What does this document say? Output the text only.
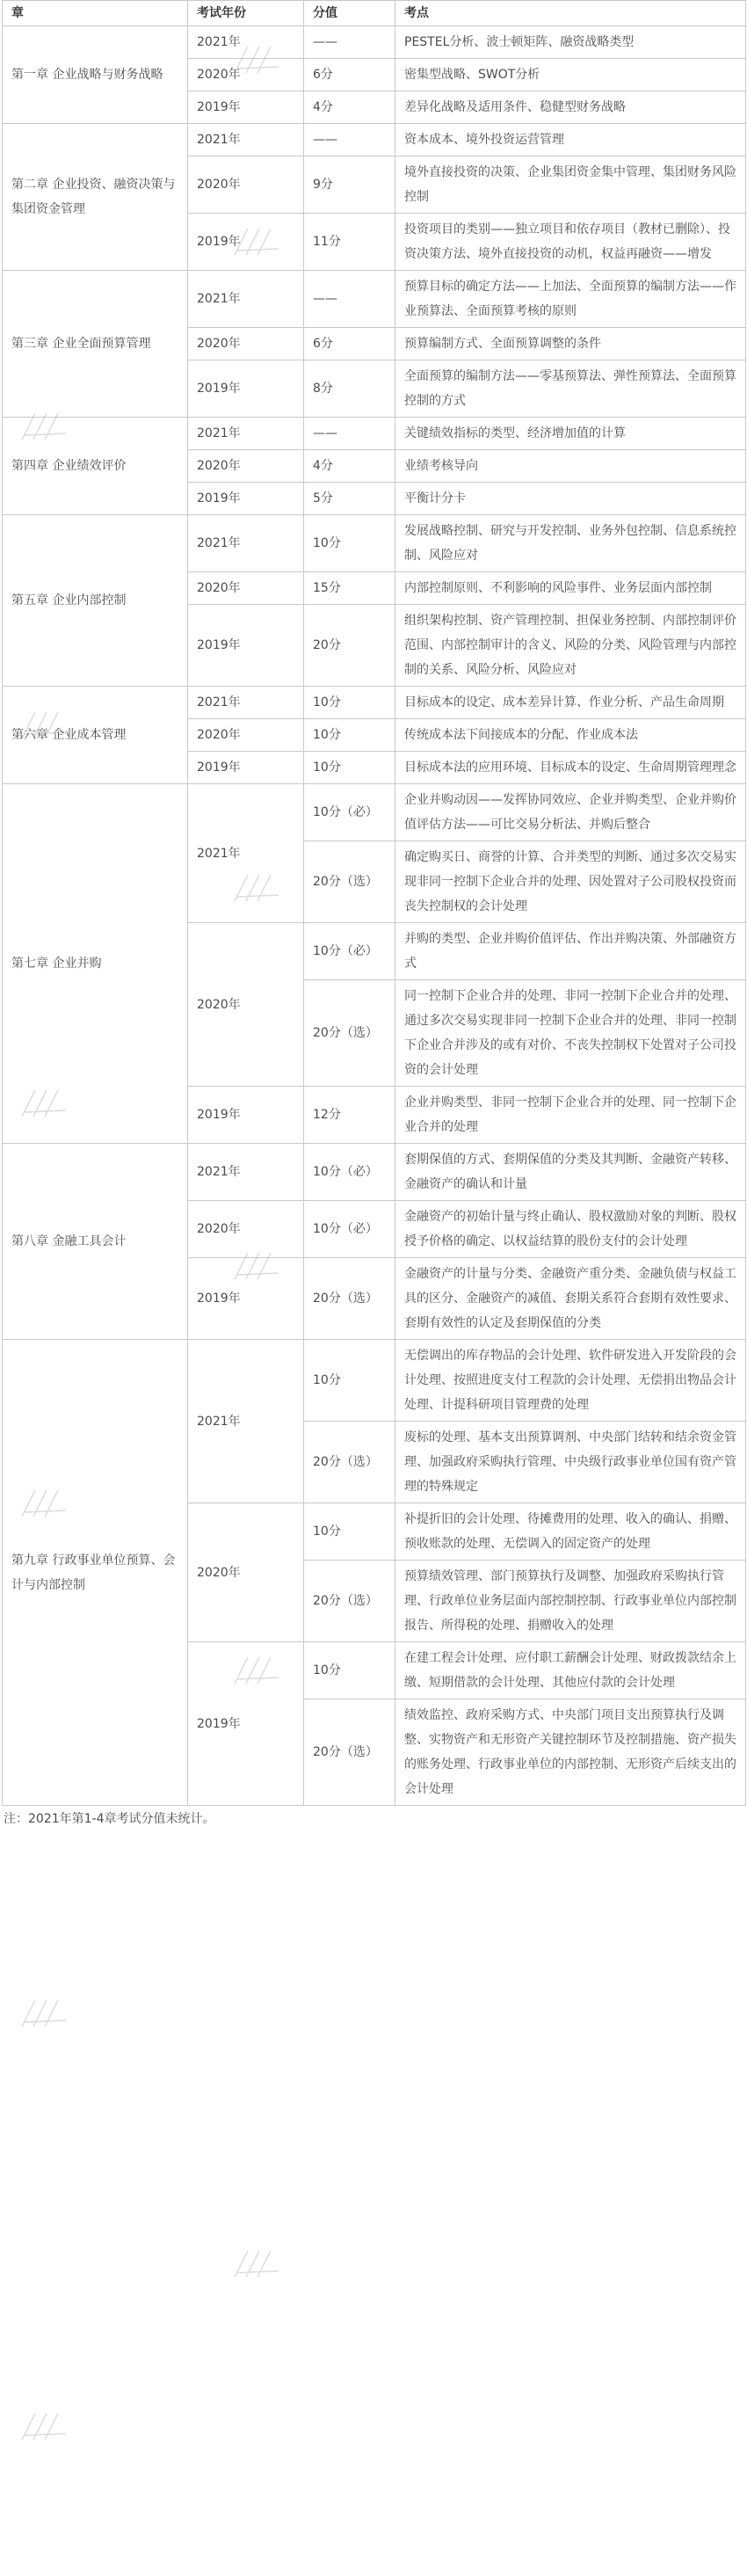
章	考试年份	分值	考点
第一章 企业战略与财务战略	2021年	——	PESTEL分析、波士顿矩阵、融资战略类型
	2020年	6分	密集型战略、SWOT分析
	2019年	4分	差异化战略及适用条件、稳健型财务战略
第二章 企业投资、融资决策与集团资金管理	2021年	——	资本成本、境外投资运营管理
	2020年	9分	境外直接投资的决策、企业集团资金集中管理、集团财务风险控制
	2019年	11分	投资项目的类别——独立项目和依存项目（教材已删除）、投资决策方法、境外直接投资的动机，权益再融资——增发
第三章 企业全面预算管理	2021年	——	预算目标的确定方法——上加法、全面预算的编制方法——作业预算法、全面预算考核的原则
	2020年	6分	预算编制方式、全面预算调整的条件
	2019年	8分	全面预算的编制方法——零基预算法、弹性预算法、全面预算控制的方式
第四章 企业绩效评价	2021年	——	关键绩效指标的类型、经济增加值的计算
	2020年	4分	业绩考核导向
	2019年	5分	平衡计分卡
第五章 企业内部控制	2021年	10分	发展战略控制、研究与开发控制、业务外包控制、信息系统控制、风险应对
	2020年	15分	内部控制原则、不利影响的风险事件、业务层面内部控制
	2019年	20分	组织架构控制、资产管理控制、担保业务控制、内部控制评价范围、内部控制审计的含义、风险的分类、风险管理与内部控制的关系、风险分析、风险应对
第六章 企业成本管理	2021年	10分	目标成本的设定、成本差异计算、作业分析、产品生命周期
	2020年	10分	传统成本法下间接成本的分配、作业成本法
	2019年	10分	目标成本法的应用环境、目标成本的设定、生命周期管理理念
第七章 企业并购	2021年	10分（必）	企业并购动因——发挥协同效应、企业并购类型、企业并购价值评估方法——可比交易分析法、并购后整合
		20分（选）	确定购买日、商誉的计算、合并类型的判断、通过多次交易实现非同一控制下企业合并的处理、因处置对子公司股权投资而丧失控制权的会计处理
	2020年	10分（必）	并购的类型、企业并购价值评估、作出并购决策、外部融资方式
		20分（选）	同一控制下企业合并的处理、非同一控制下企业合并的处理、通过多次交易实现非同一控制下企业合并的处理、非同一控制下企业合并涉及的或有对价、不丧失控制权下处置对子公司投资的会计处理
	2019年	12分	企业并购类型、非同一控制下企业合并的处理、同一控制下企业合并的处理
第八章 金融工具会计	2021年	10分（必）	套期保值的方式、套期保值的分类及其判断、金融资产转移、金融资产的确认和计量
	2020年	10分（必）	金融资产的初始计量与终止确认、股权激励对象的判断、股权授予价格的确定、以权益结算的股份支付的会计处理
	2019年	20分（选）	金融资产的计量与分类、金融资产重分类、金融负债与权益工具的区分、金融资产的减值、套期关系符合套期有效性要求、套期有效性的认定及套期保值的分类
第九章 行政事业单位预算、会计与内部控制	2021年	10分	无偿调出的库存物品的会计处理、软件研发进入开发阶段的会计处理、按照进度支付工程款的会计处理、无偿捐出物品会计处理、计提科研项目管理费的处理
		20分（选）	废标的处理、基本支出预算调剂、中央部门结转和结余资金管理、加强政府采购执行管理、中央级行政事业单位国有资产管理的特殊规定
	2020年	10分	补提折旧的会计处理、待摊费用的处理、收入的确认、捐赠、预收账款的处理、无偿调入的固定资产的处理
		20分（选）	预算绩效管理、部门预算执行及调整、加强政府采购执行管理、行政单位业务层面内部控制控制、行政事业单位内部控制报告、所得税的处理、捐赠收入的处理
	2019年	10分	在建工程会计处理、应付职工薪酬会计处理、财政拨款结余上缴、短期借款的会计处理、其他应付款的会计处理
		20分（选）	绩效监控、政府采购方式、中央部门项目支出预算执行及调整、实物资产和无形资产关键控制环节及控制措施、资产损失的账务处理、行政事业单位的内部控制、无形资产后续支出的会计处理
注：2021年第1-4章考试分值未统计。
